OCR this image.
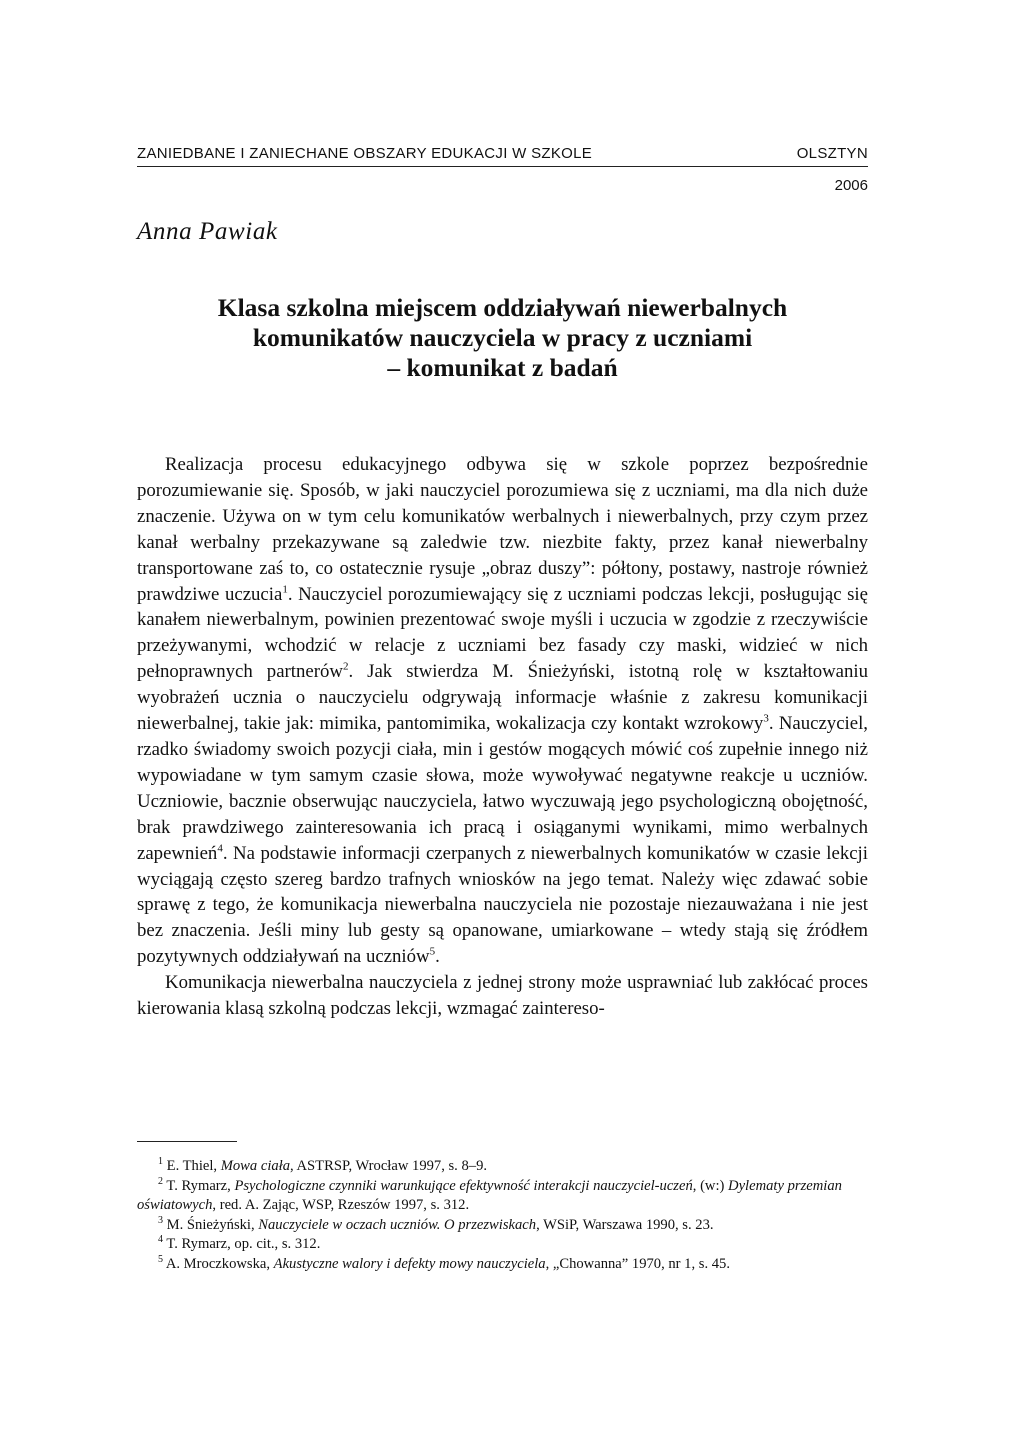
ZANIEDBANE I ZANIECHANE OBSZARY EDUKACJI W SZKOLE	OLSZTYN
2006
Anna Pawiak
Klasa szkolna miejscem oddziaływań niewerbalnych
komunikatów nauczyciela w pracy z uczniami
– komunikat z badań

Realizacja procesu edukacyjnego odbywa się w szkole poprzez bezpośrednie porozumiewanie się. Sposób, w jaki nauczyciel porozumiewa się z uczniami, ma dla nich duże znaczenie. Używa on w tym celu komunikatów werbalnych i niewerbalnych, przy czym przez kanał werbalny przekazywane są zaledwie tzw. niezbite fakty, przez kanał niewerbalny transportowane zaś to, co ostatecznie rysuje „obraz duszy”: półtony, postawy, nastroje również prawdziwe uczucia$^1$. Nauczyciel porozumiewający się z uczniami podczas lekcji, posługując się kanałem niewerbalnym, powinien prezentować swoje myśli i uczucia w zgodzie z rzeczywiście przeżywanymi, wchodzić w relacje z uczniami bez fasady czy maski, widzieć w nich pełnoprawnych partnerów$^2$. Jak stwierdza M. Śnieżyński, istotną rolę w kształtowaniu wyobrażeń ucznia o nauczycielu odgrywają informacje właśnie z zakresu komunikacji niewerbalnej, takie jak: mimika, pantomimika, wokalizacja czy kontakt wzrokowy$^3$. Nauczyciel, rzadko świadomy swoich pozycji ciała, min i gestów mogących mówić coś zupełnie innego niż wypowiadane w tym samym czasie słowa, może wywoływać negatywne reakcje u uczniów. Uczniowie, bacznie obserwując nauczyciela, łatwo wyczuwają jego psychologiczną obojętność, brak prawdziwego zainteresowania ich pracą i osiąganymi wynikami, mimo werbalnych zapewnień$^4$. Na podstawie informacji czerpanych z niewerbalnych komunikatów w czasie lekcji wyciągają często szereg bardzo trafnych wniosków na jego temat. Należy więc zdawać sobie sprawę z tego, że komunikacja niewerbalna nauczyciela nie pozostaje niezauważana i nie jest bez znaczenia. Jeśli miny lub gesty są opanowane, umiarkowane – wtedy stają się źródłem pozytywnych oddziaływań na uczniów$^5$.

Komunikacja niewerbalna nauczyciela z jednej strony może usprawniać lub zakłócać proces kierowania klasą szkolną podczas lekcji, wzmagać zaintereso-

$^1$ E. Thiel, Mowa ciała, ASTRSP, Wrocław 1997, s. 8–9.

$^2$ T. Rymarz, Psychologiczne czynniki warunkujące efektywność interakcji nauczyciel-uczeń, (w:) Dylematy przemian oświatowych, red. A. Zając, WSP, Rzeszów 1997, s. 312.

$^3$ M. Śnieżyński, Nauczyciele w oczach uczniów. O przezwiskach, WSiP, Warszawa 1990, s. 23.

$^4$ T. Rymarz, op. cit., s. 312.

$^5$ A. Mroczkowska, Akustyczne walory i defekty mowy nauczyciela, „Chowanna” 1970, nr 1, s. 45.
